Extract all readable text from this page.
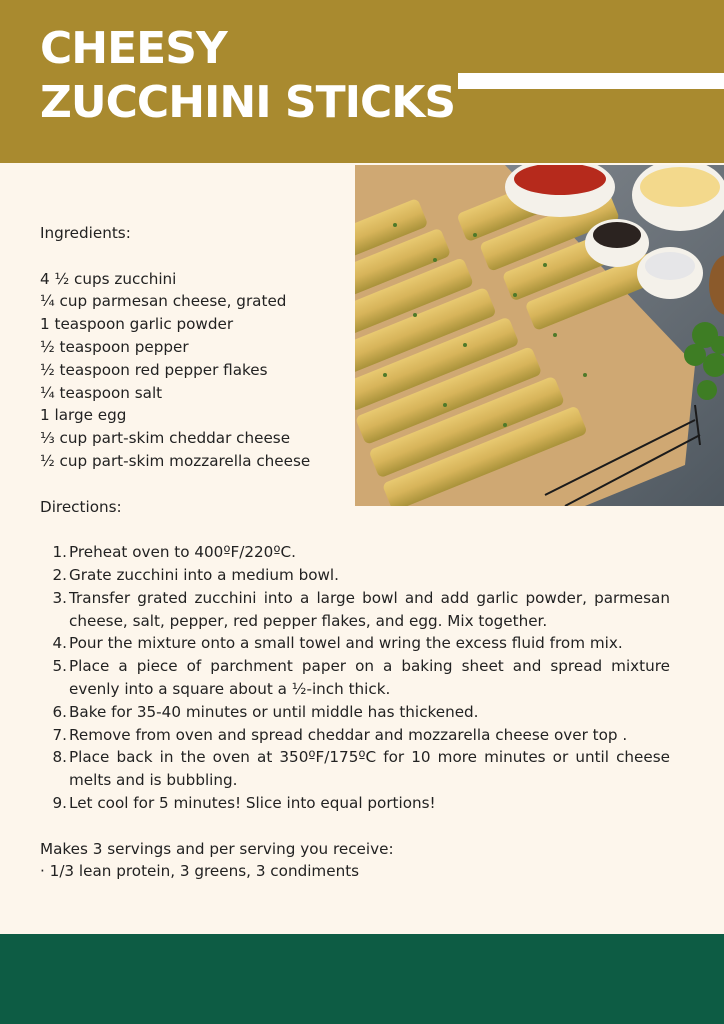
CHEESY
ZUCCHINI STICKS

Ingredients:

4 ½ cups zucchini
¼ cup parmesan cheese, grated
1 teaspoon garlic powder
½ teaspoon pepper
½ teaspoon red pepper flakes
¼ teaspoon salt
1 large egg
⅓ cup part-skim cheddar cheese
½ cup part-skim mozzarella cheese

Directions:

1. Preheat oven to 400ºF/220ºC.
2. Grate zucchini into a medium bowl.
3. Transfer grated zucchini into a large bowl and add garlic powder, parmesan cheese, salt, pepper, red pepper flakes, and egg. Mix together.
4. Pour the mixture onto a small towel and wring the excess fluid from mix.
5. Place a piece of parchment paper on a baking sheet and spread mixture evenly into a square about a ½-inch thick.
6. Bake for 35-40 minutes or until middle has thickened.
7. Remove from oven and spread cheddar and mozzarella cheese over top .
8. Place back in the oven at 350ºF/175ºC for 10 more minutes or until cheese melts and is bubbling.
9. Let cool for 5 minutes! Slice into equal portions!

Makes 3 servings and per serving you receive:

· 1/3 lean protein, 3 greens, 3 condiments
